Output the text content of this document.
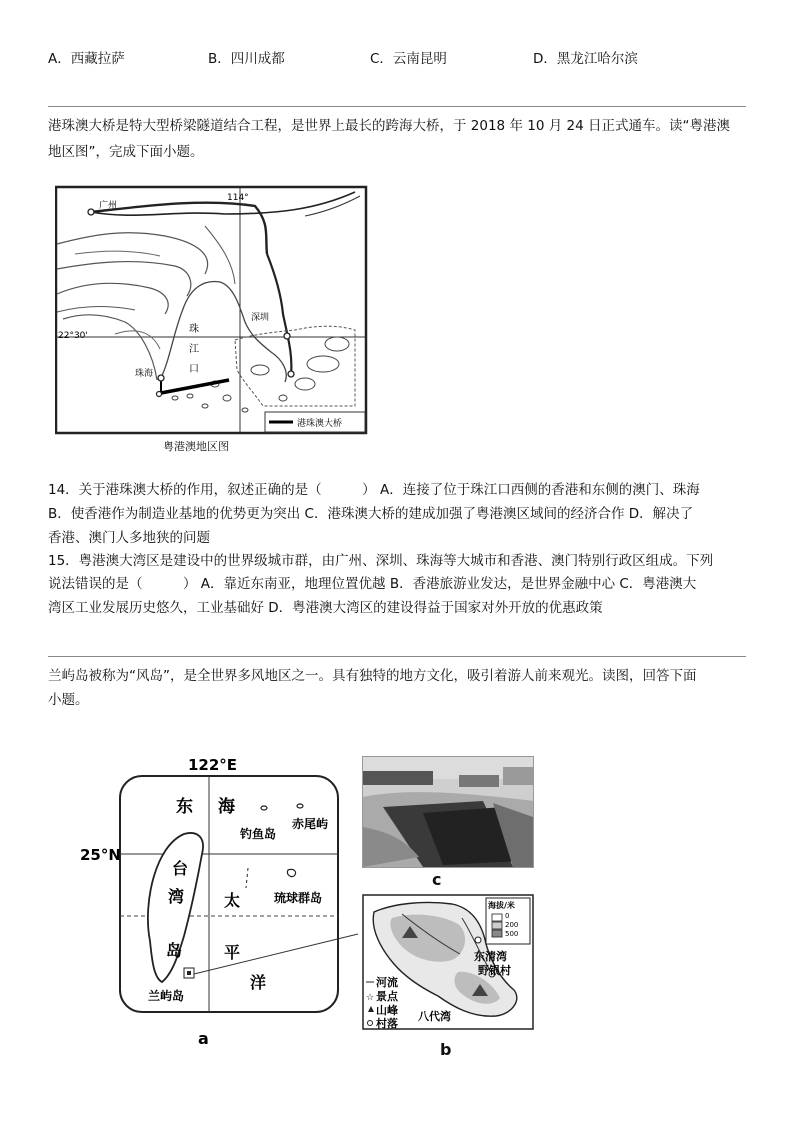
A．西藏拉萨	B．四川成都	C．云南昆明	D．黑龙江哈尔滨
港珠澳大桥是特大型桥梁隧道结合工程，是世界上最长的跨海大桥，于 2018 年 10 月 24 日正式通车。读“粤港澳
地区图”，完成下面小题。
广州
114°
22°30'
深圳
珠海
珠
江
口
港珠澳大桥
粤港澳地区图
14．关于港珠澳大桥的作用，叙述正确的是（　　　） A．连接了位于珠江口西侧的香港和东侧的澳门、珠海
B．使香港作为制造业基地的优势更为突出 C．港珠澳大桥的建成加强了粤港澳区域间的经济合作 D．解决了
香港、澳门人多地狭的问题
15．粤港澳大湾区是建设中的世界级城市群，由广州、深圳、珠海等大城市和香港、澳门特别行政区组成。下列
说法错误的是（　　　） A．靠近东南亚，地理位置优越 B．香港旅游业发达，是世界金融中心 C．粤港澳大
湾区工业发展历史悠久，工业基础好 D．粤港澳大湾区的建设得益于国家对外开放的优惠政策
兰屿岛被称为“风岛”，是全世界多风地区之一。具有独特的地方文化，吸引着游人前来观光。读图，回答下面
小题。
122°E
25°N
东 海
钓鱼岛
赤尾屿
台
湾
岛
太	琉球群岛
平
洋
兰屿岛
a
c
海拔/米
0
200
500
东清湾
野银村
河流
景点
山峰
村落
八代湾
☆
b
